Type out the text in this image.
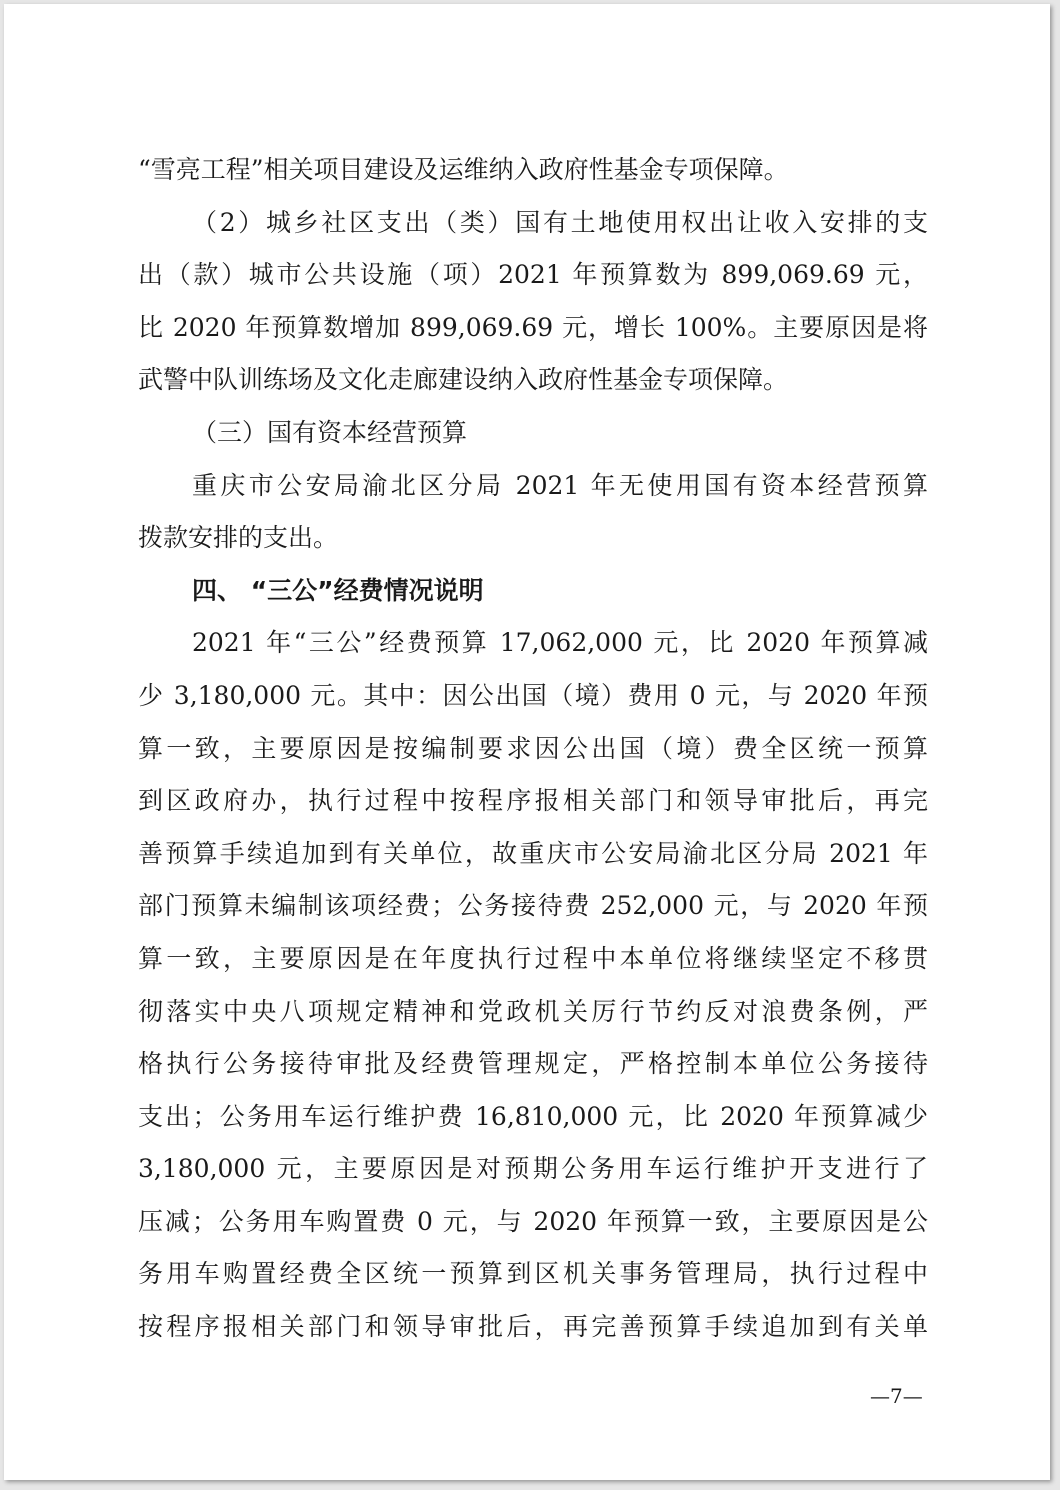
“雪亮工程”相关项目建设及运维纳入政府性基金专项保障。
（2）城乡社区支出（类）国有土地使用权出让收入安排的支
出（款）城市公共设施（项）2021 年预算数为 899,069.69 元，
比 2020 年预算数增加 899,069.69 元，增长 100%。主要原因是将
武警中队训练场及文化走廊建设纳入政府性基金专项保障。
（三）国有资本经营预算
重庆市公安局渝北区分局 2021 年无使用国有资本经营预算
拨款安排的支出。
四、 “三公”经费情况说明
2021 年“三公”经费预算 17,062,000 元，比 2020 年预算减
少 3,180,000 元。其中：因公出国（境）费用 0 元，与 2020 年预
算一致，主要原因是按编制要求因公出国（境）费全区统一预算
到区政府办，执行过程中按程序报相关部门和领导审批后，再完
善预算手续追加到有关单位，故重庆市公安局渝北区分局 2021 年
部门预算未编制该项经费；公务接待费 252,000 元，与 2020 年预
算一致，主要原因是在年度执行过程中本单位将继续坚定不移贯
彻落实中央八项规定精神和党政机关厉行节约反对浪费条例，严
格执行公务接待审批及经费管理规定，严格控制本单位公务接待
支出；公务用车运行维护费 16,810,000 元，比 2020 年预算减少
3,180,000 元，主要原因是对预期公务用车运行维护开支进行了
压减；公务用车购置费 0 元，与 2020 年预算一致，主要原因是公
务用车购置经费全区统一预算到区机关事务管理局，执行过程中
按程序报相关部门和领导审批后，再完善预算手续追加到有关单
—7—
